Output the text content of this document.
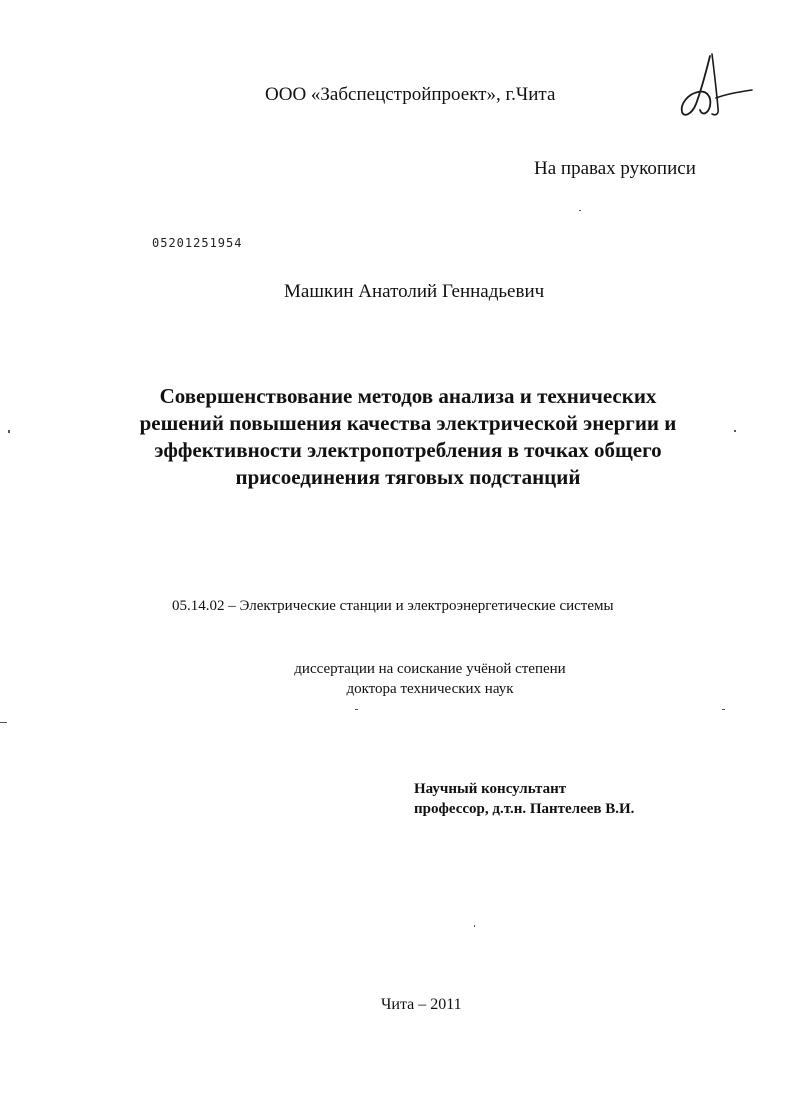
ООО «Забспецстройпроект», г.Чита
На правах рукописи
05201251954
Машкин Анатолий Геннадьевич
Совершенствование методов анализа и технических
решений повышения качества электрической энергии и
эффективности электропотребления в точках общего
присоединения тяговых подстанций
05.14.02 – Электрические станции и электроэнергетические системы
диссертации на соискание учёной степени
доктора технических наук
Научный консультант
профессор, д.т.н. Пантелеев В.И.
Чита – 2011
